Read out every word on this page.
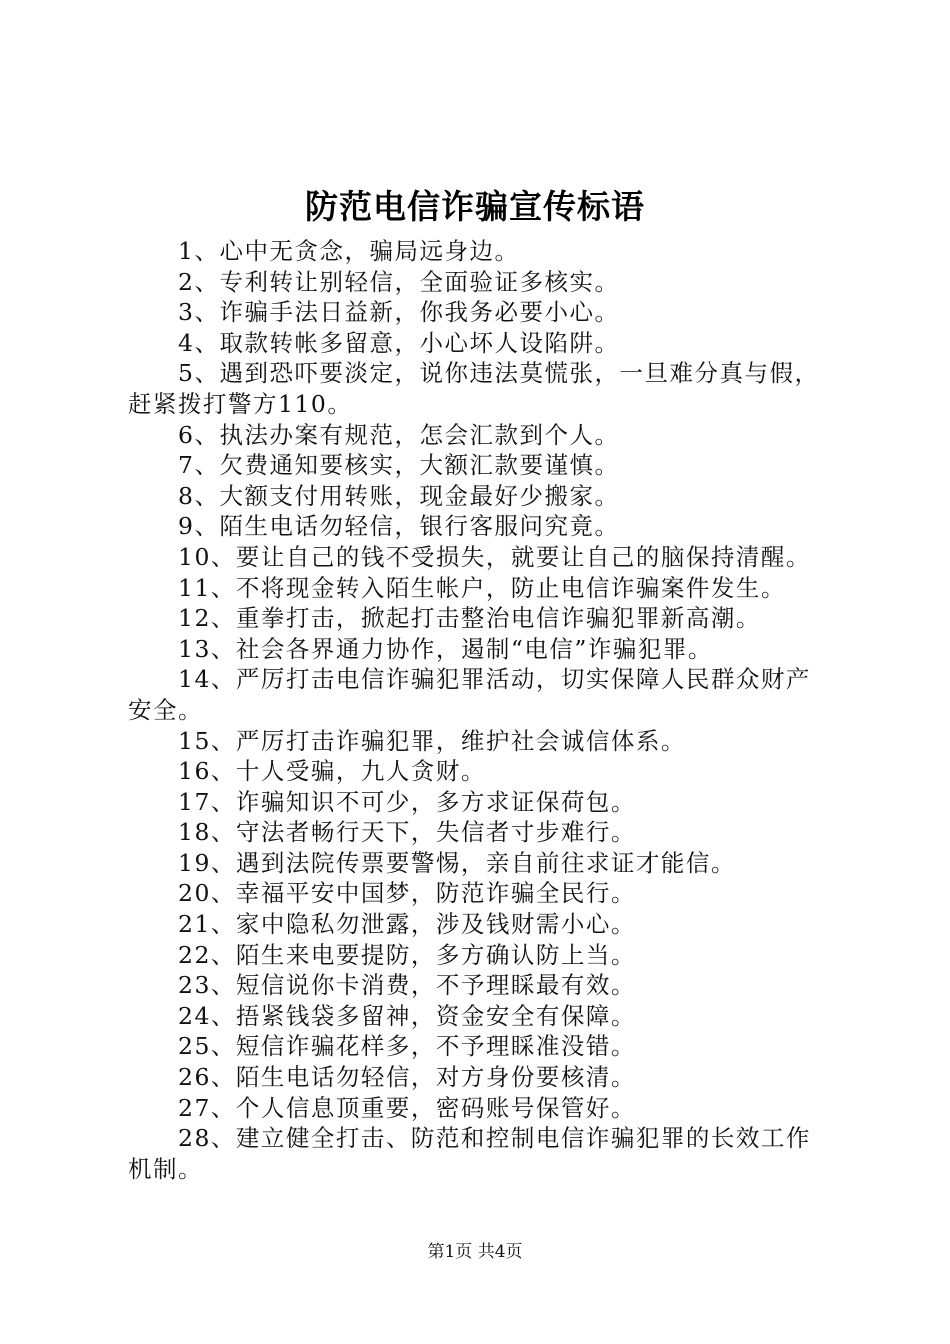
防范电信诈骗宣传标语
1、心中无贪念，骗局远身边。
2、专利转让别轻信，全面验证多核实。
3、诈骗手法日益新，你我务必要小心。
4、取款转帐多留意，小心坏人设陷阱。
5、遇到恐吓要淡定，说你违法莫慌张，一旦难分真与假，赶紧拨打警方110。
6、执法办案有规范，怎会汇款到个人。
7、欠费通知要核实，大额汇款要谨慎。
8、大额支付用转账，现金最好少搬家。
9、陌生电话勿轻信，银行客服问究竟。
10、要让自己的钱不受损失，就要让自己的脑保持清醒。
11、不将现金转入陌生帐户，防止电信诈骗案件发生。
12、重拳打击，掀起打击整治电信诈骗犯罪新高潮。
13、社会各界通力协作，遏制“电信”诈骗犯罪。
14、严厉打击电信诈骗犯罪活动，切实保障人民群众财产安全。
15、严厉打击诈骗犯罪，维护社会诚信体系。
16、十人受骗，九人贪财。
17、诈骗知识不可少，多方求证保荷包。
18、守法者畅行天下，失信者寸步难行。
19、遇到法院传票要警惕，亲自前往求证才能信。
20、幸福平安中国梦，防范诈骗全民行。
21、家中隐私勿泄露，涉及钱财需小心。
22、陌生来电要提防，多方确认防上当。
23、短信说你卡消费，不予理睬最有效。
24、捂紧钱袋多留神，资金安全有保障。
25、短信诈骗花样多，不予理睬准没错。
26、陌生电话勿轻信，对方身份要核清。
27、个人信息顶重要，密码账号保管好。
28、建立健全打击、防范和控制电信诈骗犯罪的长效工作机制。
第1页 共4页
